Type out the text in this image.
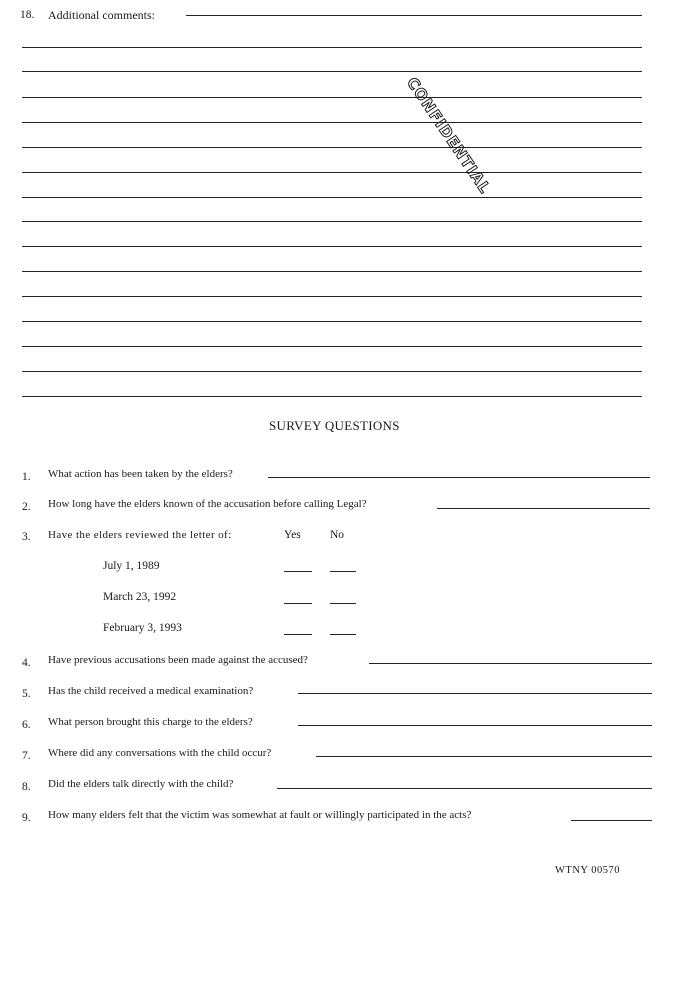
18. Additional comments:
CONFIDENTIAL
SURVEY QUESTIONS
1. What action has been taken by the elders?
2. How long have the elders known of the accusation before calling Legal?
3. Have the elders reviewed the letter of:	Yes	No
July 1, 1989
March 23, 1992
February 3, 1993
4. Have previous accusations been made against the accused?
5. Has the child received a medical examination?
6. What person brought this charge to the elders?
7. Where did any conversations with the child occur?
8. Did the elders talk directly with the child?
9. How many elders felt that the victim was somewhat at fault or willingly participated in the acts?
WTNY 00570
